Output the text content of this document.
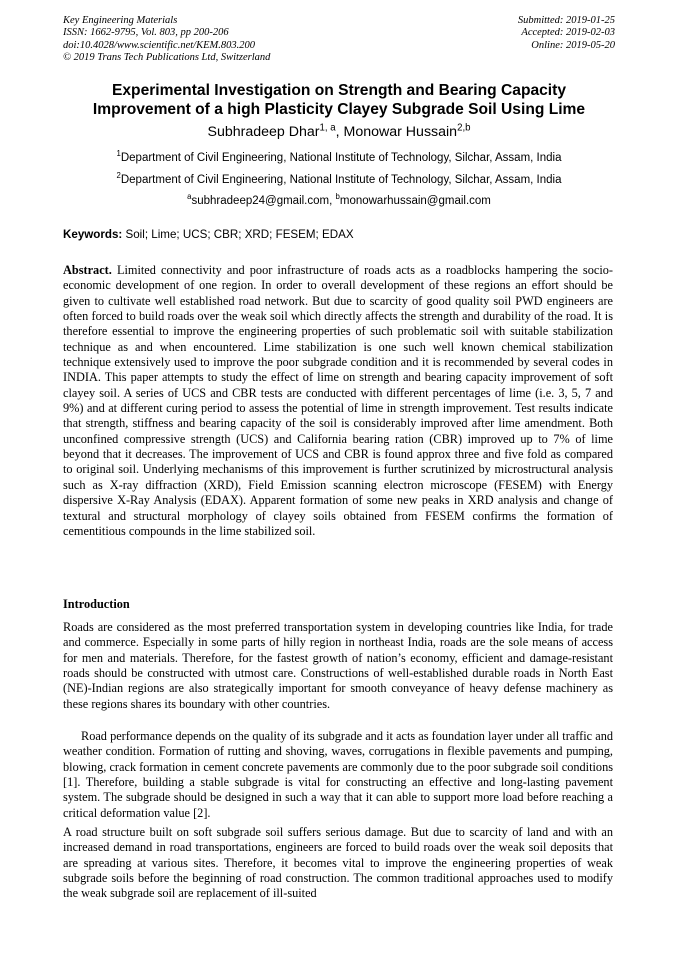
Key Engineering Materials
ISSN: 1662-9795, Vol. 803, pp 200-206
doi:10.4028/www.scientific.net/KEM.803.200
© 2019 Trans Tech Publications Ltd, Switzerland
Submitted: 2019-01-25
Accepted: 2019-02-03
Online: 2019-05-20
Experimental Investigation on Strength and Bearing Capacity
Improvement of a high Plasticity Clayey Subgrade Soil Using Lime
Subhradeep Dhar$^{1, a}$, Monowar Hussain$^{2,b}$
$^1$Department of Civil Engineering, National Institute of Technology, Silchar, Assam, India
$^2$Department of Civil Engineering, National Institute of Technology, Silchar, Assam, India
$^a$subhradeep24@gmail.com, $^b$monowarhussain@gmail.com
Keywords: Soil; Lime; UCS; CBR; XRD; FESEM; EDAX
Abstract. Limited connectivity and poor infrastructure of roads acts as a roadblocks hampering the socio-economic development of one region. In order to overall development of these regions an effort should be given to cultivate well established road network. But due to scarcity of good quality soil PWD engineers are often forced to build roads over the weak soil which directly affects the strength and durability of the road. It is therefore essential to improve the engineering properties of such problematic soil with suitable stabilization technique as and when encountered. Lime stabilization is one such well known chemical stabilization technique extensively used to improve the poor subgrade condition and it is recommended by several codes in INDIA. This paper attempts to study the effect of lime on strength and bearing capacity improvement of soft clayey soil. A series of UCS and CBR tests are conducted with different percentages of lime (i.e. 3, 5, 7 and 9%) and at different curing period to assess the potential of lime in strength improvement. Test results indicate that strength, stiffness and bearing capacity of the soil is considerably improved after lime amendment. Both unconfined compressive strength (UCS) and California bearing ration (CBR) improved up to 7% of lime beyond that it decreases. The improvement of UCS and CBR is found approx three and five fold as compared to original soil. Underlying mechanisms of this improvement is further scrutinized by microstructural analysis such as X-ray diffraction (XRD), Field Emission scanning electron microscope (FESEM) with Energy dispersive X-Ray Analysis (EDAX). Apparent formation of some new peaks in XRD analysis and change of textural and structural morphology of clayey soils obtained from FESEM confirms the formation of cementitious compounds in the lime stabilized soil.
Introduction
Roads are considered as the most preferred transportation system in developing countries like India, for trade and commerce. Especially in some parts of hilly region in northeast India, roads are the sole means of access for men and materials. Therefore, for the fastest growth of nation’s economy, efficient and damage-resistant roads should be constructed with utmost care. Constructions of well-established durable roads in North East (NE)-Indian regions are also strategically important for smooth conveyance of heavy defense machinery as these regions shares its boundary with other countries.
Road performance depends on the quality of its subgrade and it acts as foundation layer under all traffic and weather condition. Formation of rutting and shoving, waves, corrugations in flexible pavements and pumping, blowing, crack formation in cement concrete pavements are commonly due to the poor subgrade soil conditions [1]. Therefore, building a stable subgrade is vital for constructing an effective and long-lasting pavement system. The subgrade should be designed in such a way that it can able to support more load before reaching a critical deformation value [2].
A road structure built on soft subgrade soil suffers serious damage. But due to scarcity of land and with an increased demand in road transportations, engineers are forced to build roads over the weak soil deposits that are spreading at various sites. Therefore, it becomes vital to improve the engineering properties of weak subgrade soils before the beginning of road construction. The common traditional approaches used to modify the weak subgrade soil are replacement of ill-suited
